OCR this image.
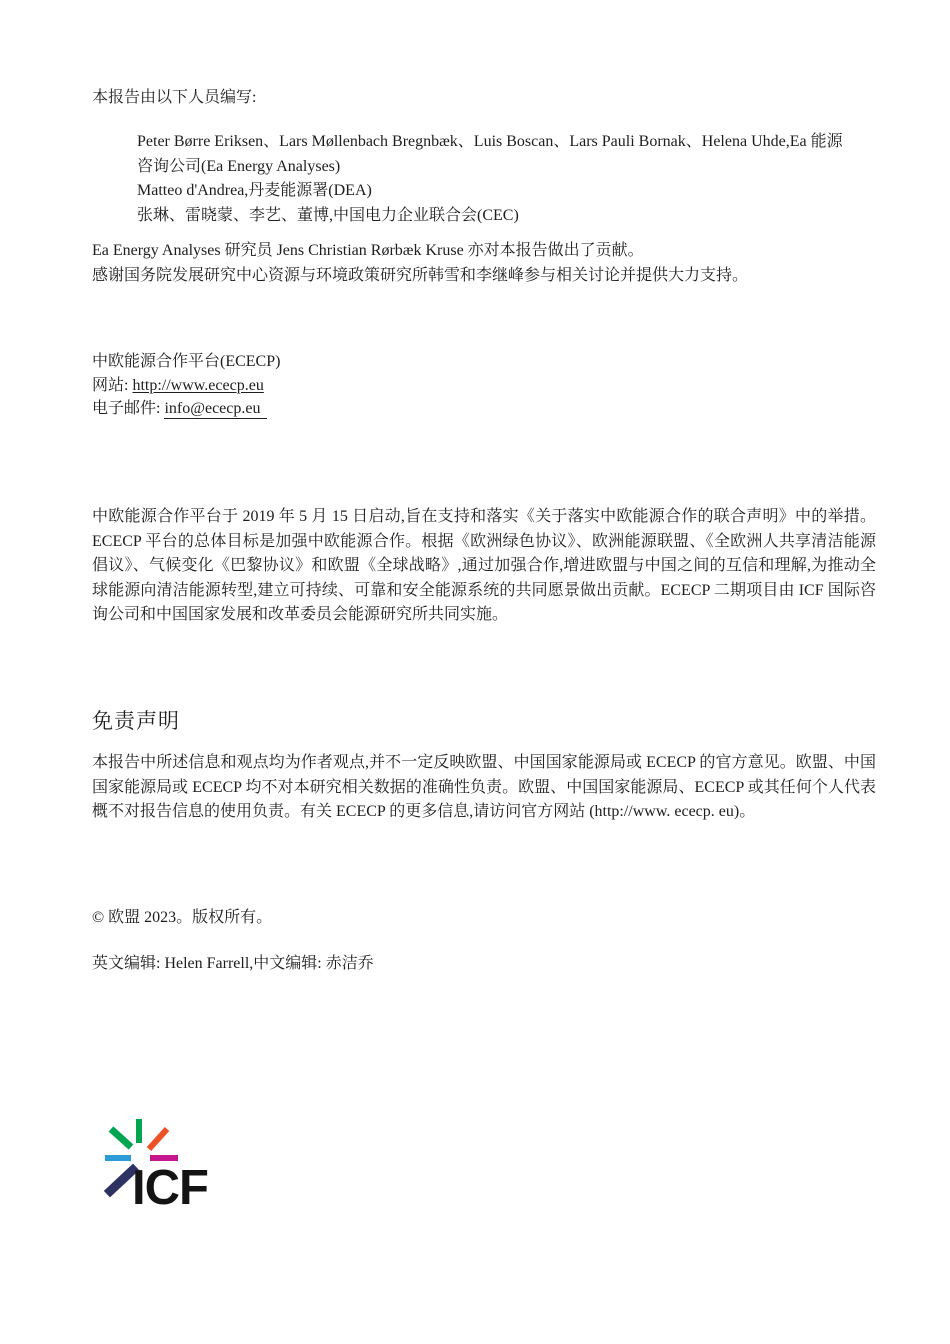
本报告由以下人员编写:
Peter Børre Eriksen、Lars Møllenbach Bregnbæk、Luis Boscan、Lars Pauli Bornak、Helena Uhde,Ea 能源
咨询公司(Ea Energy Analyses)
Matteo d'Andrea,丹麦能源署(DEA)
张琳、雷晓蒙、李艺、董博,中国电力企业联合会(CEC)
Ea Energy Analyses 研究员 Jens Christian Rørbæk Kruse 亦对本报告做出了贡献。
感谢国务院发展研究中心资源与环境政策研究所韩雪和李继峰参与相关讨论并提供大力支持。
中欧能源合作平台(ECECP)
网站: http://www.ececp.eu
电子邮件: info@ececp.eu
中欧能源合作平台于 2019 年 5 月 15 日启动,旨在支持和落实《关于落实中欧能源合作的联合声明》中的举措。ECECP 平台的总体目标是加强中欧能源合作。根据《欧洲绿色协议》、欧洲能源联盟、《全欧洲人共享清洁能源倡议》、气候变化《巴黎协议》和欧盟《全球战略》,通过加强合作,增进欧盟与中国之间的互信和理解,为推动全球能源向清洁能源转型,建立可持续、可靠和安全能源系统的共同愿景做出贡献。ECECP 二期项目由 ICF 国际咨询公司和中国国家发展和改革委员会能源研究所共同实施。
免责声明
本报告中所述信息和观点均为作者观点,并不一定反映欧盟、中国国家能源局或 ECECP 的官方意见。欧盟、中国国家能源局或 ECECP 均不对本研究相关数据的准确性负责。欧盟、中国国家能源局、ECECP 或其任何个人代表概不对报告信息的使用负责。有关 ECECP 的更多信息,请访问官方网站 (http://www. ececp. eu)。
© 欧盟 2023。版权所有。
英文编辑: Helen Farrell,中文编辑: 赤洁乔
ICF
